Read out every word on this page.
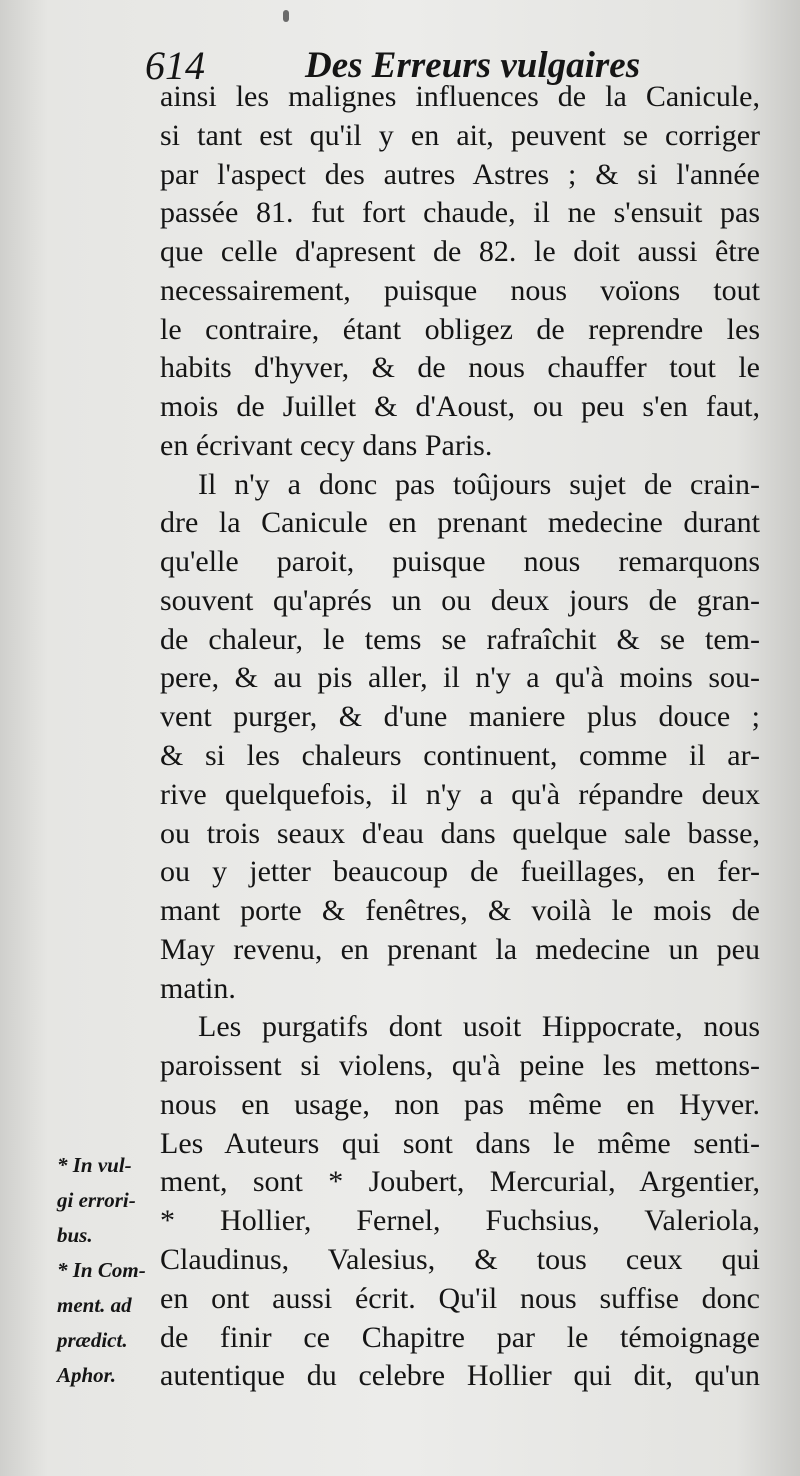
614	Des Erreurs vulgaires
ainsi les malignes influences de la Canicule,
si tant est qu'il y en ait, peuvent se corriger
par l'aspect des autres Astres ; & si l'année
passée 81. fut fort chaude, il ne s'ensuit pas
que celle d'apresent de 82. le doit aussi être
necessairement, puisque nous voïons tout
le contraire, étant obligez de reprendre les
habits d'hyver, & de nous chauffer tout le
mois de Juillet & d'Aoust, ou peu s'en faut,
en écrivant cecy dans Paris.
Il n'y a donc pas toûjours sujet de crain-
dre la Canicule en prenant medecine durant
qu'elle paroit, puisque nous remarquons
souvent qu'aprés un ou deux jours de gran-
de chaleur, le tems se rafraîchit & se tem-
pere, & au pis aller, il n'y a qu'à moins sou-
vent purger, & d'une maniere plus douce ;
& si les chaleurs continuent, comme il ar-
rive quelquefois, il n'y a qu'à répandre deux
ou trois seaux d'eau dans quelque sale basse,
ou y jetter beaucoup de fueillages, en fer-
mant porte & fenêtres, & voilà le mois de
May revenu, en prenant la medecine un peu
matin.
Les purgatifs dont usoit Hippocrate, nous
paroissent si violens, qu'à peine les mettons-
nous en usage, non pas même en Hyver.
Les Auteurs qui sont dans le même senti-
ment, sont * Joubert, Mercurial, Argentier,
* Hollier, Fernel, Fuchsius, Valeriola,
Claudinus, Valesius, & tous ceux qui
en ont aussi écrit. Qu'il nous suffise donc
de finir ce Chapitre par le témoignage
autentique du celebre Hollier qui dit, qu'un
* In vul-
gi errori-
bus.
* In Com-
ment. ad
prædict.
Aphor.
